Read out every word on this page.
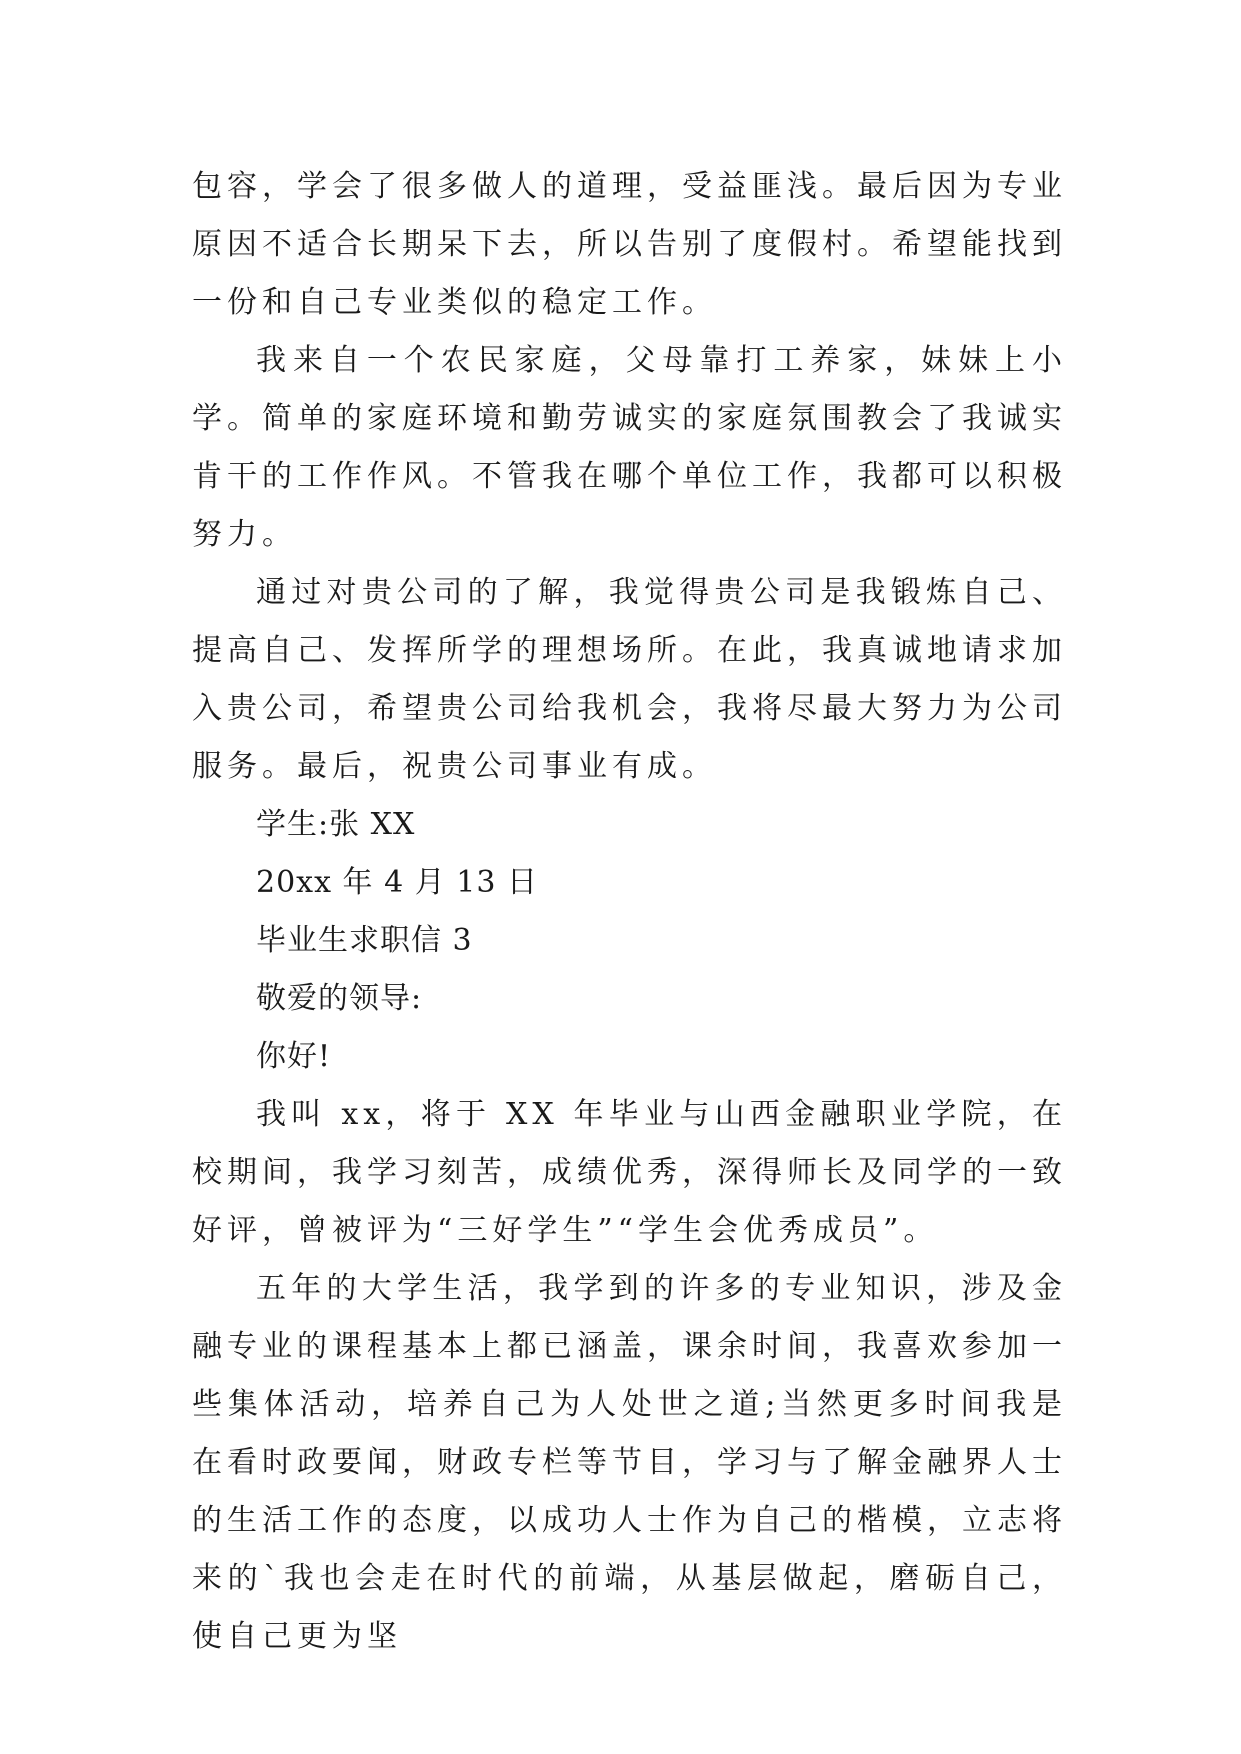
包容，学会了很多做人的道理，受益匪浅。最后因为专业原因不适合长期呆下去，所以告别了度假村。希望能找到一份和自己专业类似的稳定工作。

我来自一个农民家庭，父母靠打工养家，妹妹上小学。简单的家庭环境和勤劳诚实的家庭氛围教会了我诚实肯干的工作作风。不管我在哪个单位工作，我都可以积极努力。

通过对贵公司的了解，我觉得贵公司是我锻炼自己、提高自己、发挥所学的理想场所。在此，我真诚地请求加入贵公司，希望贵公司给我机会，我将尽最大努力为公司服务。最后，祝贵公司事业有成。

学生:张 XX

20xx 年 4 月 13 日

毕业生求职信 3

敬爱的领导:

你好!

我叫 xx，将于 XX 年毕业与山西金融职业学院，在校期间，我学习刻苦，成绩优秀，深得师长及同学的一致好评，曾被评为“三好学生”“学生会优秀成员”。

五年的大学生活，我学到的许多的专业知识，涉及金融专业的课程基本上都已涵盖，课余时间，我喜欢参加一些集体活动，培养自己为人处世之道;当然更多时间我是在看时政要闻，财政专栏等节目，学习与了解金融界人士的生活工作的态度，以成功人士作为自己的楷模，立志将来的`我也会走在时代的前端，从基层做起，磨砺自己，使自己更为坚
